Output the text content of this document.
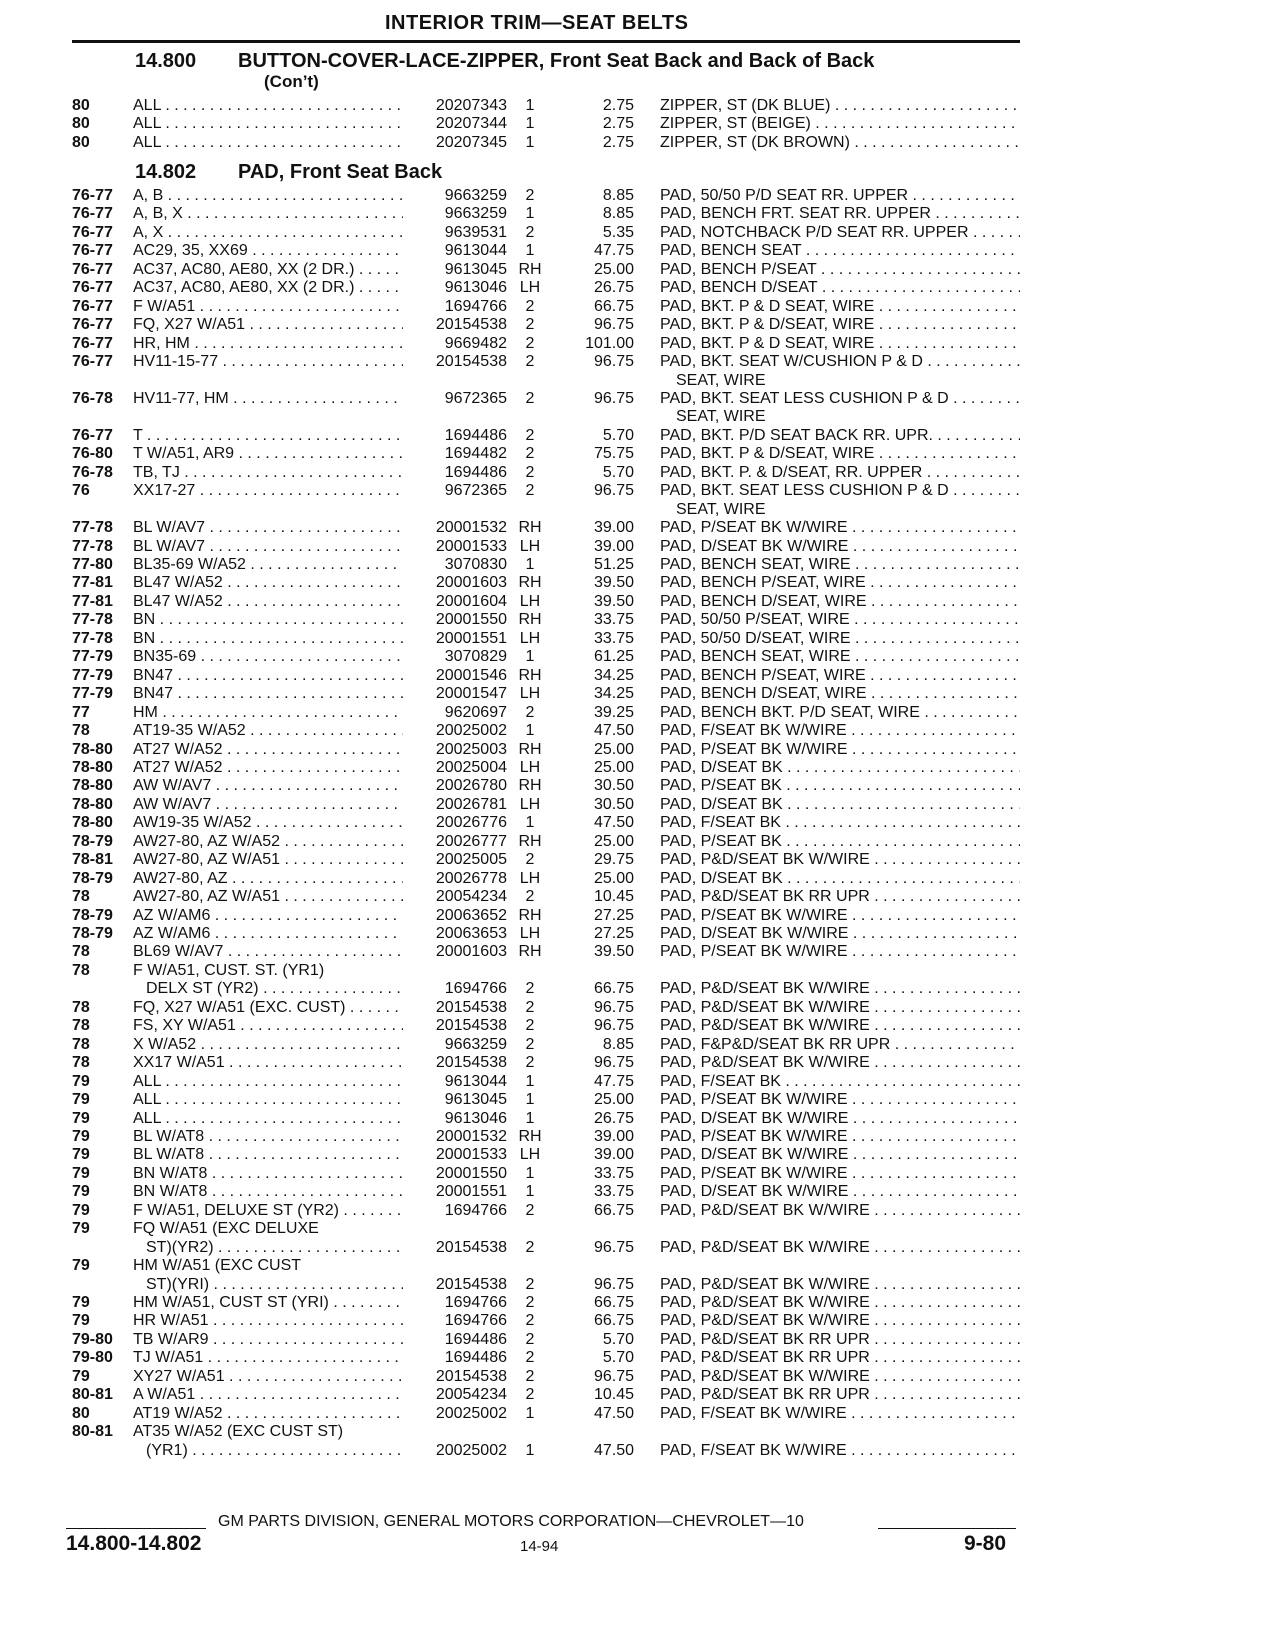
INTERIOR TRIM—SEAT BELTS
14.800 BUTTON-COVER-LACE-ZIPPER, Front Seat Back and Back of Back
(Con’t)
14.802 PAD, Front Seat Back
80	ALL . . .	20207343	1	2.75 ZIPPER, ST (DK BLUE) . . .
80	ALL . . .	20207344	1	2.75 ZIPPER, ST (BEIGE) . . .
80	ALL . . .	20207345	1	2.75 ZIPPER, ST (DK BROWN) . . .
76-77 A, B . . .	9663259	2	8.85 PAD, 50/50 P/D SEAT RR. UPPER . . .
76-77 A, B, X . . .	9663259	1	8.85 PAD, BENCH FRT. SEAT RR. UPPER . . .
76-77 A, X . . .	9639531	2	5.35 PAD, NOTCHBACK P/D SEAT RR. UPPER . . .
76-77 AC29, 35, XX69 . . .	9613044	1	47.75 PAD, BENCH SEAT . . .
76-77 AC37, AC80, AE80, XX (2 DR.) . . .	9613045 RH	25.00 PAD, BENCH P/SEAT . . .
76-77 AC37, AC80, AE80, XX (2 DR.) . . .	9613046 LH	26.75 PAD, BENCH D/SEAT . . .
76-77 F W/A51 . . .	1694766	2	66.75 PAD, BKT. P & D SEAT, WIRE . . .
76-77 FQ, X27 W/A51 . . .	20154538	2	96.75 PAD, BKT. P & D/SEAT, WIRE . . .
76-77 HR, HM . . .	9669482	2	101.00 PAD, BKT. P & D SEAT, WIRE . . .
76-77 HV11-15-77 . . .	20154538	2	96.75 PAD, BKT. SEAT W/CUSHION P & D . . .
SEAT, WIRE
76-78 HV11-77, HM . . .	9672365	2	96.75 PAD, BKT. SEAT LESS CUSHION P & D . . .
SEAT, WIRE
76-77 T . . .	1694486	2	5.70 PAD, BKT. P/D SEAT BACK RR. UPR. . . .
76-80 T W/A51, AR9 . . .	1694482	2	75.75 PAD, BKT. P & D/SEAT, WIRE . . .
76-78 TB, TJ . . .	1694486	2	5.70 PAD, BKT. P. & D/SEAT, RR. UPPER . . .
76	XX17-27 . . .	9672365	2	96.75 PAD, BKT. SEAT LESS CUSHION P & D . . .
SEAT, WIRE
77-78 BL W/AV7 . . .	20001532 RH	39.00 PAD, P/SEAT BK W/WIRE . . .
77-78 BL W/AV7 . . .	20001533 LH	39.00 PAD, D/SEAT BK W/WIRE . . .
77-80 BL35-69 W/A52 . . .	3070830	1	51.25 PAD, BENCH SEAT, WIRE . . .
77-81 BL47 W/A52 . . .	20001603 RH	39.50 PAD, BENCH P/SEAT, WIRE . . .
77-81 BL47 W/A52 . . .	20001604 LH	39.50 PAD, BENCH D/SEAT, WIRE . . .
77-78 BN . . .	20001550 RH	33.75 PAD, 50/50 P/SEAT, WIRE . . .
77-78 BN . . .	20001551 LH	33.75 PAD, 50/50 D/SEAT, WIRE . . .
77-79 BN35-69 . . .	3070829	1	61.25 PAD, BENCH SEAT, WIRE . . .
77-79 BN47 . . .	20001546 RH	34.25 PAD, BENCH P/SEAT, WIRE . . .
77-79 BN47 . . .	20001547 LH	34.25 PAD, BENCH D/SEAT, WIRE . . .
77	HM . . .	9620697	2	39.25 PAD, BENCH BKT. P/D SEAT, WIRE . . .
78	AT19-35 W/A52 . . .	20025002	1	47.50 PAD, F/SEAT BK W/WIRE . . .
78-80 AT27 W/A52 . . .	20025003 RH	25.00 PAD, P/SEAT BK W/WIRE . . .
78-80 AT27 W/A52 . . .	20025004 LH	25.00 PAD, D/SEAT BK . . .
78-80 AW W/AV7 . . .	20026780 RH	30.50 PAD, P/SEAT BK . . .
78-80 AW W/AV7 . . .	20026781 LH	30.50 PAD, D/SEAT BK . . .
78-80 AW19-35 W/A52 . . .	20026776	1	47.50 PAD, F/SEAT BK . . .
78-79 AW27-80, AZ W/A52 . . .	20026777 RH	25.00 PAD, P/SEAT BK . . .
78-81 AW27-80, AZ W/A51 . . .	20025005	2	29.75 PAD, P&D/SEAT BK W/WIRE . . .
78-79 AW27-80, AZ . . .	20026778 LH	25.00 PAD, D/SEAT BK . . .
78	AW27-80, AZ W/A51 . . .	20054234	2	10.45 PAD, P&D/SEAT BK RR UPR . . .
78-79 AZ W/AM6 . . .	20063652 RH	27.25 PAD, P/SEAT BK W/WIRE . . .
78-79 AZ W/AM6 . . .	20063653 LH	27.25 PAD, D/SEAT BK W/WIRE . . .
78	BL69 W/AV7 . . .	20001603 RH	39.50 PAD, P/SEAT BK W/WIRE . . .
78	F W/A51, CUST. ST. (YR1)
DELX ST (YR2) . . .	1694766	2	66.75 PAD, P&D/SEAT BK W/WIRE . . .
78	FQ, X27 W/A51 (EXC. CUST) . . .	20154538	2	96.75 PAD, P&D/SEAT BK W/WIRE . . .
78	FS, XY W/A51 . . .	20154538	2	96.75 PAD, P&D/SEAT BK W/WIRE . . .
78	X W/A52 . . .	9663259	2	8.85 PAD, F&P&D/SEAT BK RR UPR . . .
78	XX17 W/A51 . . .	20154538	2	96.75 PAD, P&D/SEAT BK W/WIRE . . .
79	ALL . . .	9613044	1	47.75 PAD, F/SEAT BK . . .
79	ALL . . .	9613045	1	25.00 PAD, P/SEAT BK W/WIRE . . .
79	ALL . . .	9613046	1	26.75 PAD, D/SEAT BK W/WIRE . . .
79	BL W/AT8 . . .	20001532 RH	39.00 PAD, P/SEAT BK W/WIRE . . .
79	BL W/AT8 . . .	20001533 LH	39.00 PAD, D/SEAT BK W/WIRE . . .
79	BN W/AT8 . . .	20001550	1	33.75 PAD, P/SEAT BK W/WIRE . . .
79	BN W/AT8 . . .	20001551	1	33.75 PAD, D/SEAT BK W/WIRE . . .
79	F W/A51, DELUXE ST (YR2) . . .	1694766	2	66.75 PAD, P&D/SEAT BK W/WIRE . . .
79	FQ W/A51 (EXC DELUXE
ST)(YR2) . . .	20154538	2	96.75 PAD, P&D/SEAT BK W/WIRE . . .
79	HM W/A51 (EXC CUST
ST)(YRI) . . .	20154538	2	96.75 PAD, P&D/SEAT BK W/WIRE . . .
79	HM W/A51, CUST ST (YRI) . . .	1694766	2	66.75 PAD, P&D/SEAT BK W/WIRE . . .
79	HR W/A51 . . .	1694766	2	66.75 PAD, P&D/SEAT BK W/WIRE . . .
79-80 TB W/AR9 . . .	1694486	2	5.70 PAD, P&D/SEAT BK RR UPR . . .
79-80 TJ W/A51 . . .	1694486	2	5.70 PAD, P&D/SEAT BK RR UPR . . .
79	XY27 W/A51 . . .	20154538	2	96.75 PAD, P&D/SEAT BK W/WIRE . . .
80-81 A W/A51 . . .	20054234	2	10.45 PAD, P&D/SEAT BK RR UPR . . .
80	AT19 W/A52 . . .	20025002	1	47.50 PAD, F/SEAT BK W/WIRE . . .
80-81 AT35 W/A52 (EXC CUST ST)
(YR1) . . .	20025002	1	47.50 PAD, F/SEAT BK W/WIRE . . .
GM PARTS DIVISION, GENERAL MOTORS CORPORATION—CHEVROLET—10
14.800-14.802	14-94	9-80
